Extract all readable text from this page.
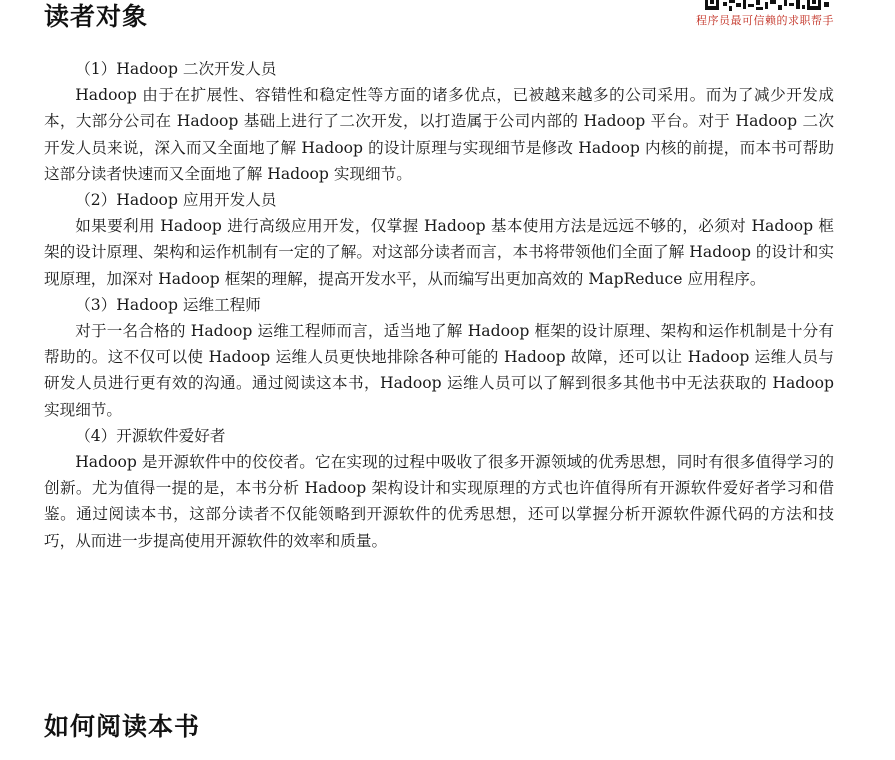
读者对象	程序员最可信赖的求职帮手

（1）Hadoop 二次开发人员

Hadoop 由于在扩展性、容错性和稳定性等方面的诸多优点，已被越来越多的公司采用。而为了减少开发成本，大部分公司在 Hadoop 基础上进行了二次开发，以打造属于公司内部的 Hadoop 平台。对于 Hadoop 二次开发人员来说，深入而又全面地了解 Hadoop 的设计原理与实现细节是修改 Hadoop 内核的前提，而本书可帮助这部分读者快速而又全面地了解 Hadoop 实现细节。

（2）Hadoop 应用开发人员

如果要利用 Hadoop 进行高级应用开发，仅掌握 Hadoop 基本使用方法是远远不够的，必须对 Hadoop 框架的设计原理、架构和运作机制有一定的了解。对这部分读者而言，本书将带领他们全面了解 Hadoop 的设计和实现原理，加深对 Hadoop 框架的理解，提高开发水平，从而编写出更加高效的 MapReduce 应用程序。

（3）Hadoop 运维工程师

对于一名合格的 Hadoop 运维工程师而言，适当地了解 Hadoop 框架的设计原理、架构和运作机制是十分有帮助的。这不仅可以使 Hadoop 运维人员更快地排除各种可能的 Hadoop 故障，还可以让 Hadoop 运维人员与研发人员进行更有效的沟通。通过阅读这本书，Hadoop 运维人员可以了解到很多其他书中无法获取的 Hadoop 实现细节。

（4）开源软件爱好者

Hadoop 是开源软件中的佼佼者。它在实现的过程中吸收了很多开源领域的优秀思想，同时有很多值得学习的创新。尤为值得一提的是，本书分析 Hadoop 架构设计和实现原理的方式也许值得所有开源软件爱好者学习和借鉴。通过阅读本书，这部分读者不仅能领略到开源软件的优秀思想，还可以掌握分析开源软件源代码的方法和技巧，从而进一步提高使用开源软件的效率和质量。

如何阅读本书
